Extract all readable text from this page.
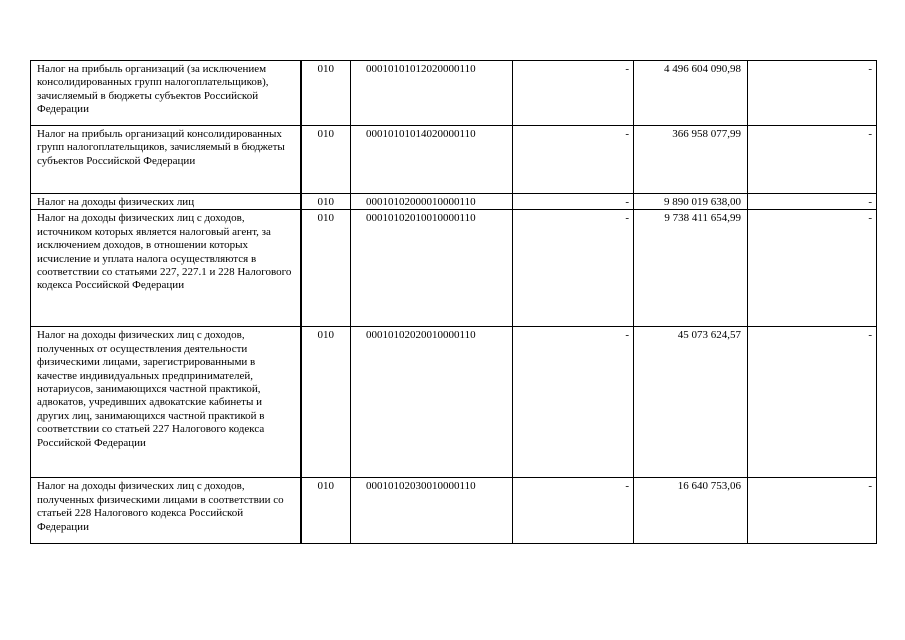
Налог на прибыль организаций (за исключением консолидированных групп налогоплательщиков), зачисляемый в бюджеты субъектов Российской Федерации	010	00010101012020000110	-	4 496 604 090,98	-
Налог на прибыль организаций консолидированных групп налогоплательщиков, зачисляемый в бюджеты субъектов Российской Федерации	010	00010101014020000110	-	366 958 077,99	-
Налог на доходы физических лиц	010	00010102000010000110	-	9 890 019 638,00	-
Налог на доходы физических лиц с доходов, источником которых является налоговый агент, за исключением доходов, в отношении которых исчисление и уплата налога осуществляются в соответствии со статьями 227, 227.1 и 228 Налогового кодекса Российской Федерации	010	00010102010010000110	-	9 738 411 654,99	-
Налог на доходы физических лиц с доходов, полученных от осуществления деятельности физическими лицами, зарегистрированными в качестве индивидуальных предпринимателей, нотариусов, занимающихся частной практикой, адвокатов, учредивших адвокатские кабинеты и других лиц, занимающихся частной практикой в соответствии со статьей 227 Налогового кодекса Российской Федерации	010	00010102020010000110	-	45 073 624,57	-
Налог на доходы физических лиц с доходов, полученных физическими лицами в соответствии со статьей 228 Налогового кодекса Российской Федерации	010	00010102030010000110	-	16 640 753,06	-
